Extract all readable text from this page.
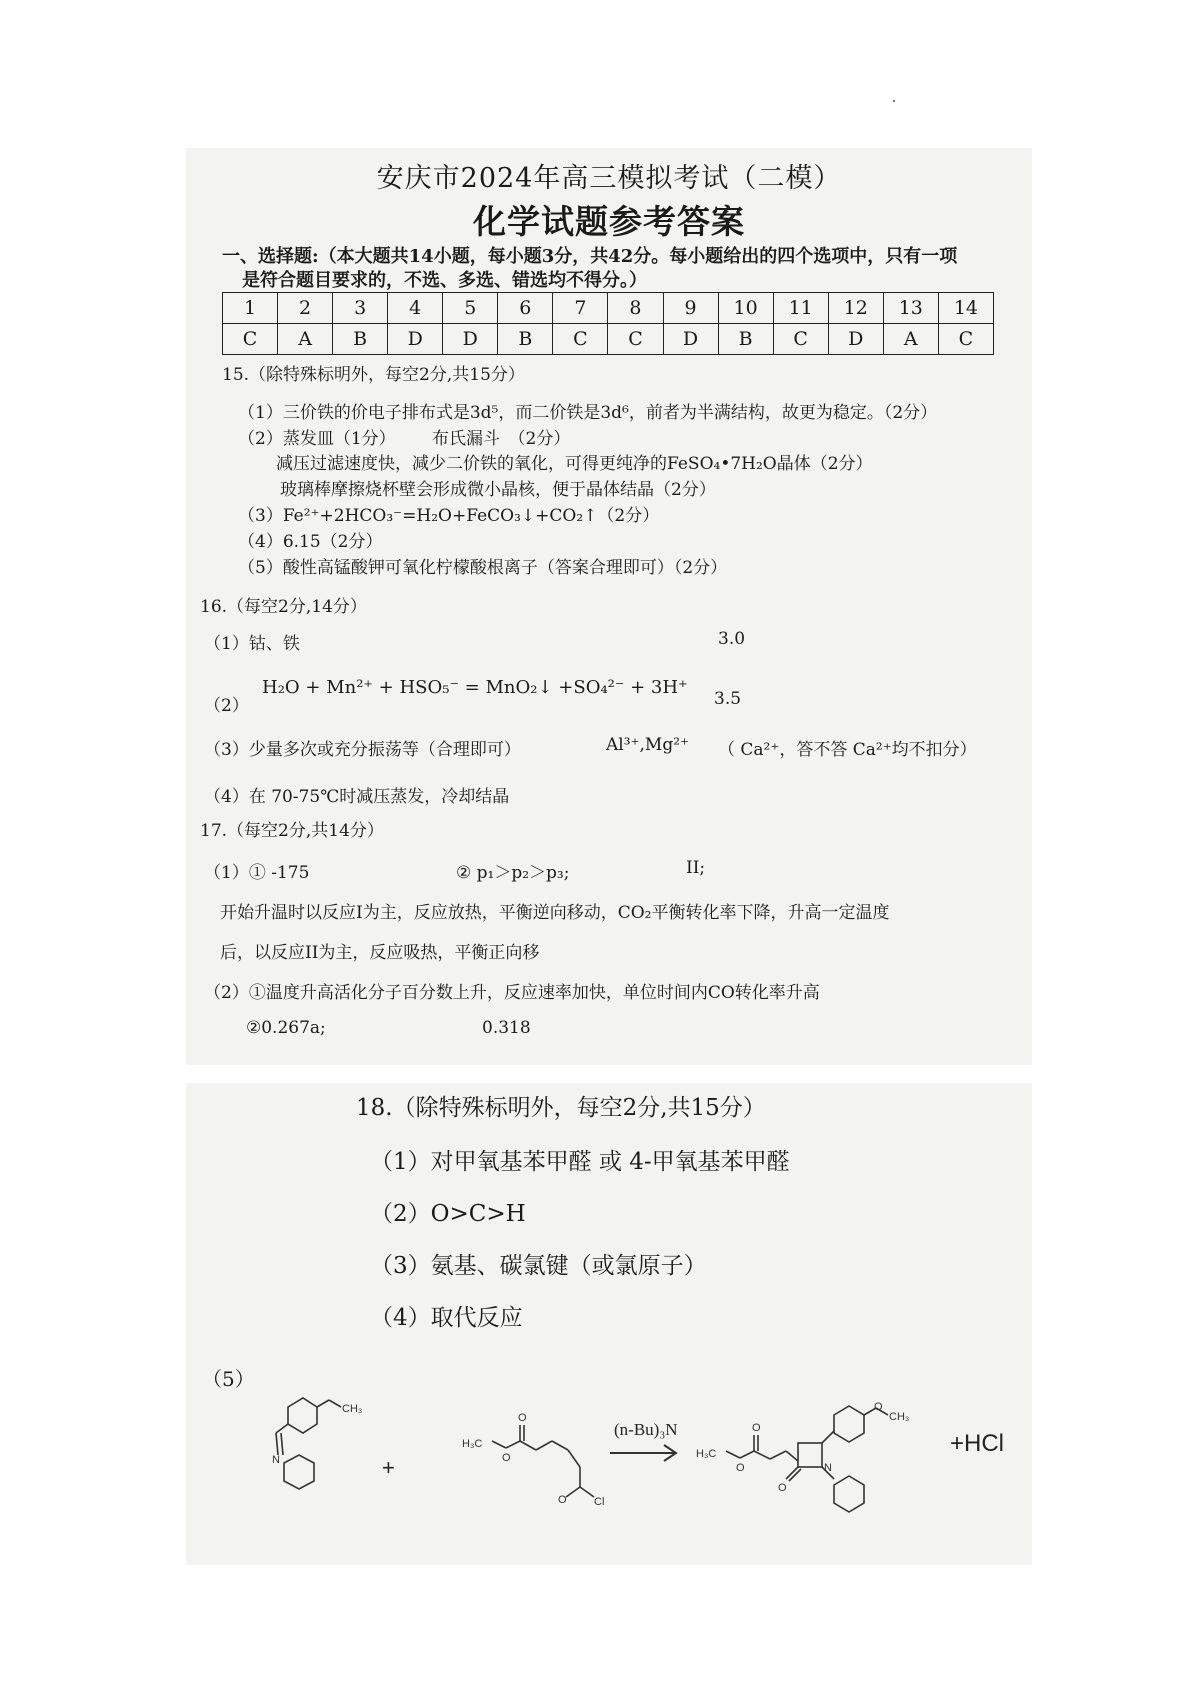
安庆市2024年高三模拟考试（二模）
化学试题参考答案
一、选择题:（本大题共14小题，每小题3分，共42分。每小题给出的四个选项中，只有一项
是符合题目要求的，不选、多选、错选均不得分。）
1	2	3	4	5	6	7	8	9	10	11	12	13	14
C	A	B	D	D	B	C	C	D	B	C	D	A	C
15.（除特殊标明外，每空2分,共15分）
（1）三价铁的价电子排布式是3d⁵，而二价铁是3d⁶，前者为半满结构，故更为稳定。（2分）
（2）蒸发皿（1分） 布氏漏斗　（2分）
减压过滤速度快，减少二价铁的氧化，可得更纯净的FeSO₄•7H₂O晶体（2分）
玻璃棒摩擦烧杯壁会形成微小晶核，便于晶体结晶（2分）
（3）Fe²⁺+2HCO₃⁻=H₂O+FeCO₃↓+CO₂↑（2分）
（4）6.15（2分）
（5）酸性高锰酸钾可氧化柠檬酸根离子（答案合理即可）（2分）
16.（每空2分,14分）
（1）钴、铁	3.0
（2）
H₂O + Mn²⁺ + HSO₅⁻ = MnO₂↓ +SO₄²⁻ + 3H⁺
3.5
（3）少量多次或充分振荡等（合理即可）	Al³⁺,Mg²⁺ （ Ca²⁺，答不答 Ca²⁺均不扣分）
（4）在 70-75℃时减压蒸发，冷却结晶
17.（每空2分,共14分）
（1）① -175	② p₁＞p₂＞p₃;	II;
开始升温时以反应I为主，反应放热，平衡逆向移动，CO₂平衡转化率下降，升高一定温度
后，以反应II为主，反应吸热，平衡正向移
（2）①温度升高活化分子百分数上升，反应速率加快，单位时间内CO转化率升高
②0.267a;	0.318
18.（除特殊标明外，每空2分,共15分）
（1）对甲氧基苯甲醛 或 4-甲氧基苯甲醛
（2）O>C>H
（3）氨基、碳氯键（或氯原子）
（4）取代反应
（5）
CH₃
N
H₃C
O
O
O Cl
H₃C
O
O
O
N
CH₃
O
+
(n-Bu)₃N
+HCl
